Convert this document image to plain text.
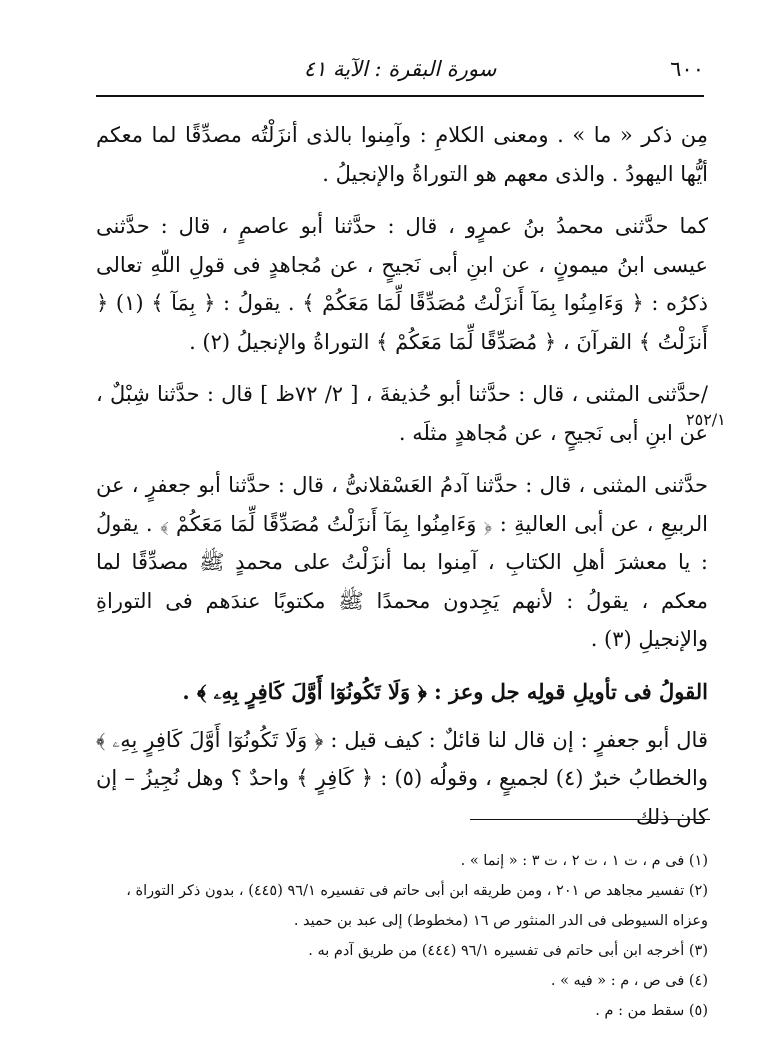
٦٠٠
سورة البقرة : الآية ٤١
٢٥٢/١

مِن ذكر « ما » . ومعنى الكلامِ : وآمِنوا بالذى أنزَلْتُه مصدِّقًا لما معكم أيُّها اليهودُ . والذى معهم هو التوراةُ والإنجيلُ .

كما حدَّثنى محمدُ بنُ عمرٍو ، قال : حدَّثنا أبو عاصمٍ ، قال : حدَّثنى عيسى ابنُ ميمونٍ ، عن ابنِ أبى نَجيحٍ ، عن مُجاهدٍ فى قولِ اللّهِ تعالى ذكرُه : ﴿ وَءَامِنُوا بِمَآ أَنزَلْتُ مُصَدِّقًا لِّمَا مَعَكُمْ ﴾ . يقولُ : ﴿ بِمَآ ﴾ (١) ﴿ أَنزَلْتُ ﴾ القرآنَ ، ﴿ مُصَدِّقًا لِّمَا مَعَكُمْ ﴾ التوراةُ والإنجيلُ (٢) .

/حدَّثنى المثنى ، قال : حدَّثنا أبو حُذيفةَ ، [ ٢/ ٧٢ظ ] قال : حدَّثنا شِبْلٌ ، عن ابنِ أبى نَجيحٍ ، عن مُجاهدٍ مثلَه .

حدَّثنى المثنى ، قال : حدَّثنا آدمُ العَسْقلانىُّ ، قال : حدَّثنا أبو جعفرٍ ، عن الربيعِ ، عن أبى العاليةِ : ﴿ وَءَامِنُوا بِمَآ أَنزَلْتُ مُصَدِّقًا لِّمَا مَعَكُمْ ﴾ . يقولُ : يا معشرَ أهلِ الكتابِ ، آمِنوا بما أنزَلْتُ على محمدٍ ﷺ مصدِّقًا لما معكم ، يقولُ : لأنهم يَجِدون محمدًا ﷺ مكتوبًا عندَهم فى التوراةِ والإنجيلِ (٣) .

القولُ فى تأويلِ قولِه جل وعز : ﴿ وَلَا تَكُونُوٓا أَوَّلَ كَافِرٍ بِهِۦ ﴾ .

قال أبو جعفرٍ : إن قال لنا قائلٌ : كيف قيل : ﴿ وَلَا تَكُونُوٓا أَوَّلَ كَافِرٍ بِهِۦ ﴾ والخطابُ خبرٌ (٤) لجميعٍ ، وقولُه (٥) : ﴿ كَافِرٍ ﴾ واحدٌ ؟ وهل نُجِيزُ – إن كان ذلك

(١) فى م ، ت ١ ، ت ٢ ، ت ٣ : « إنما » .

(٢) تفسير مجاهد ص ٢٠١ ، ومن طريقه ابن أبى حاتم فى تفسيره ٩٦/١ (٤٤٥) ، بدون ذكر التوراة ،

وعزاه السيوطى فى الدر المنثور ص ١٦ (مخطوط) إلى عبد بن حميد .

(٣) أخرجه ابن أبى حاتم فى تفسيره ٩٦/١ (٤٤٤) من طريق آدم به .

(٤) فى ص ، م : « فيه » .

(٥) سقط من : م .
